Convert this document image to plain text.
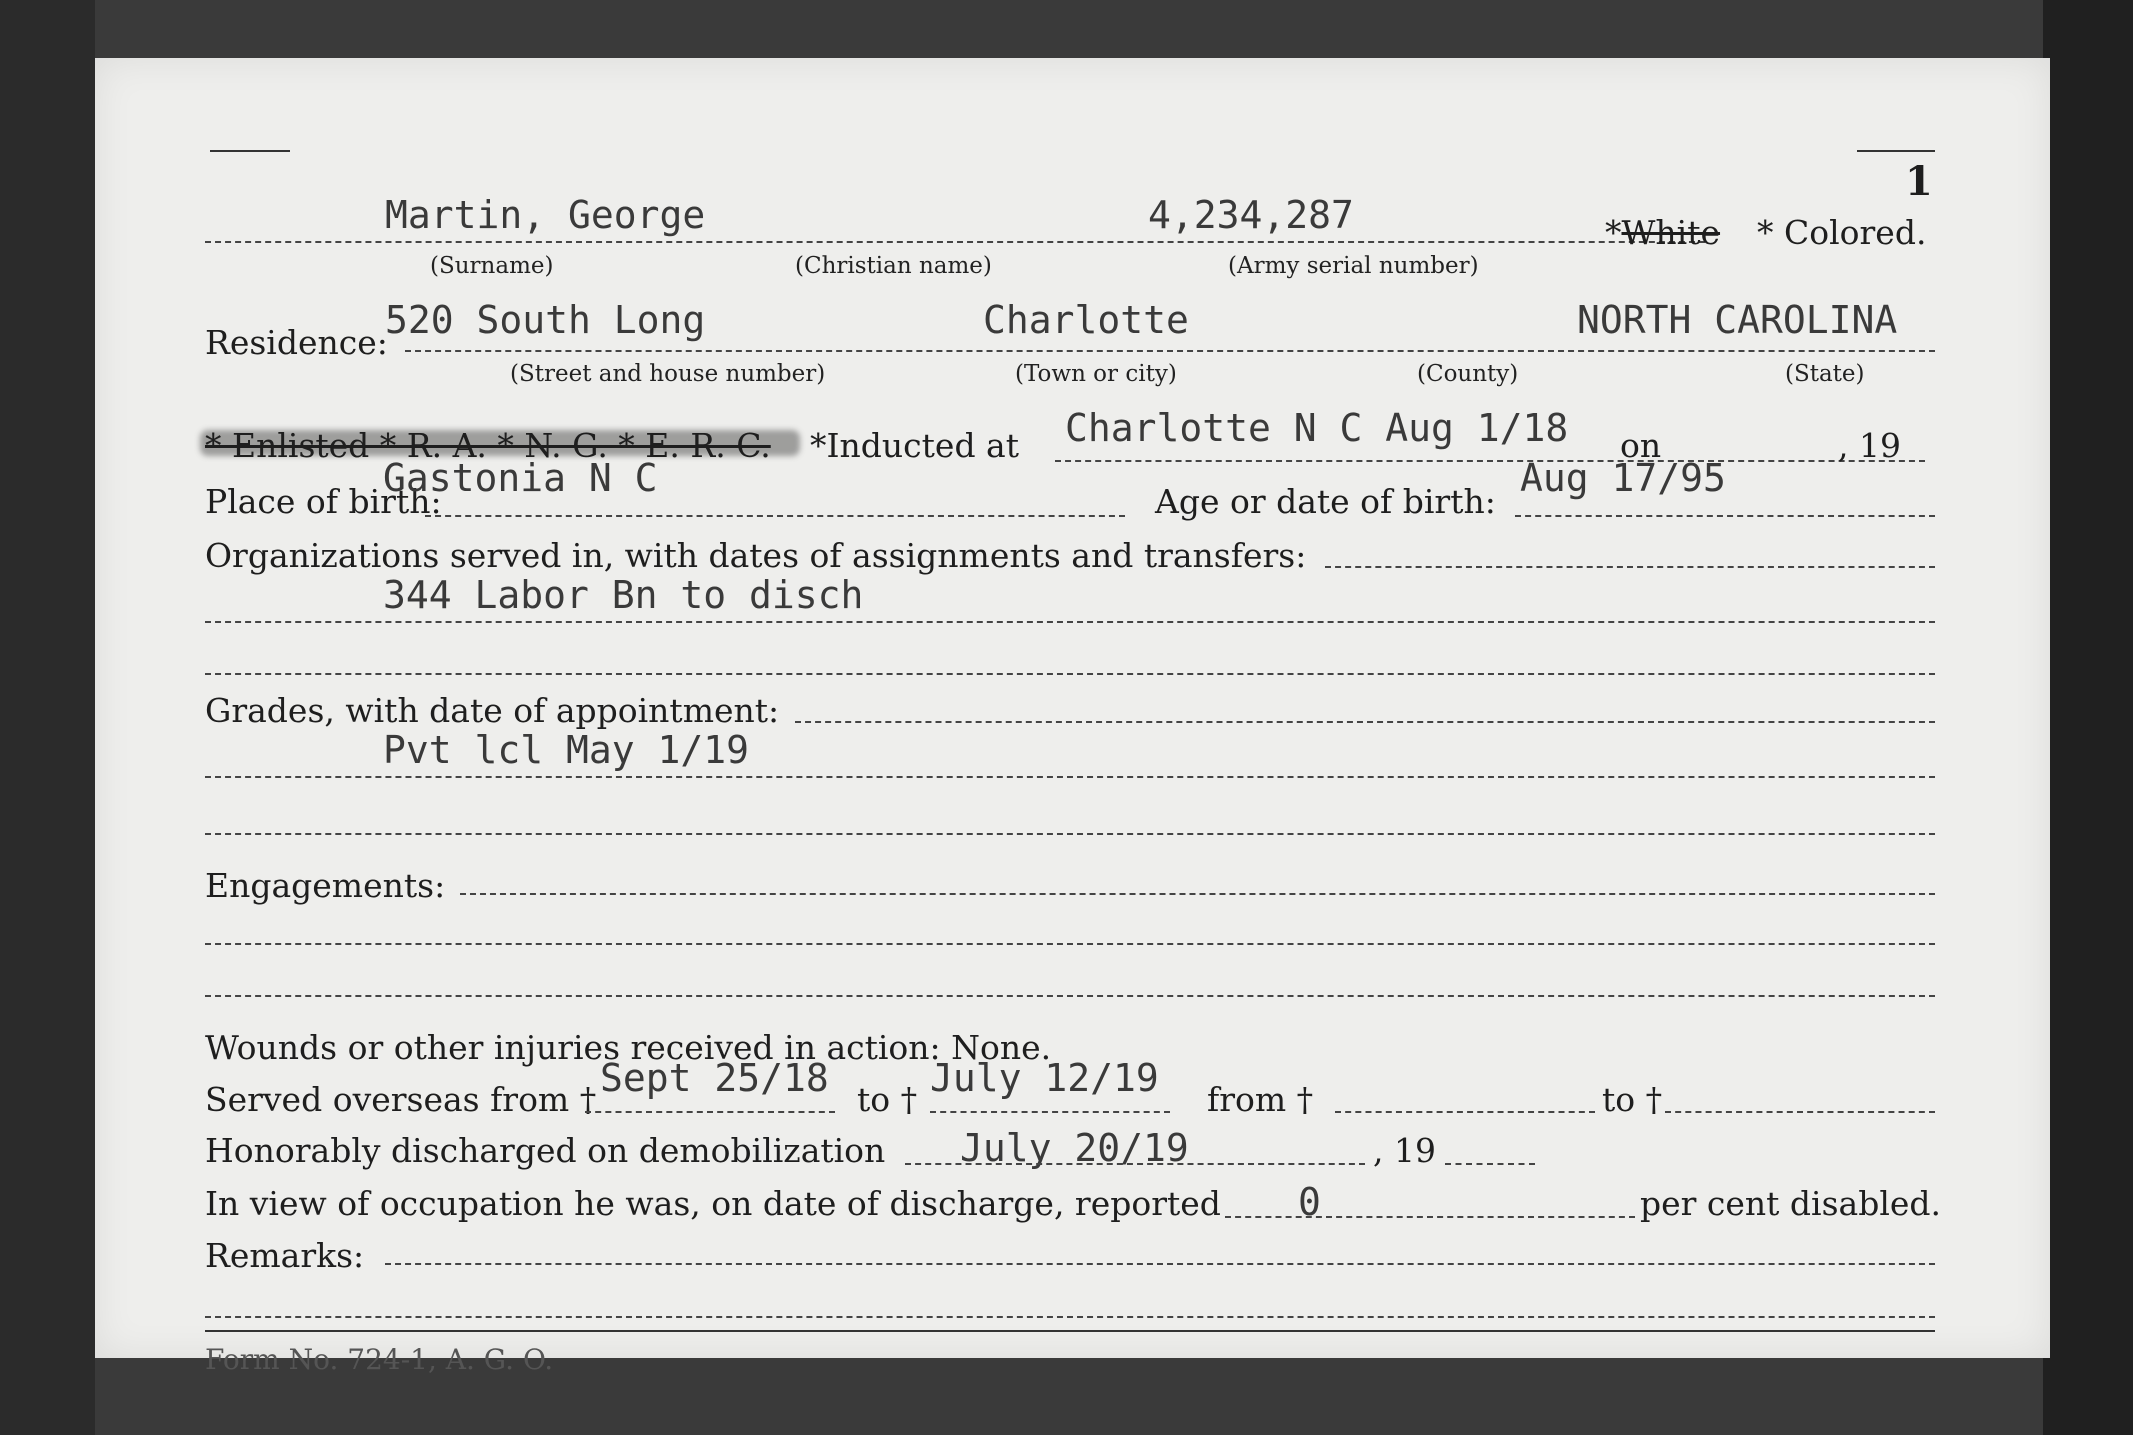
1
Martin, George	4,234,287	*White * Colored.
(Surname)	(Christian name)	(Army serial number)
Residence:
520 South Long	Charlotte	NORTH CAROLINA
(Street and house number)	(Town or city)	(County)	(State)
* Enlisted * R. A. * N. G. * E. R. C. *Inducted at Charlotte N C Aug 1/18 on	, 19
Place of birth:
Gastonia N C
Age or date of birth:
Aug 17/95
Organizations served in, with dates of assignments and transfers:
344 Labor Bn to disch
Grades, with date of appointment:
Pvt lcl May 1/19
Engagements:
Wounds or other injuries received in action: None.
Served overseas from † Sept 25/18 to † July 12/19 from †	to †
Honorably discharged on demobilization July 20/19	, 19
In view of occupation he was, on date of discharge, reported 0	per cent disabled.
Remarks:
Form No. 724-1, A. G. O.
